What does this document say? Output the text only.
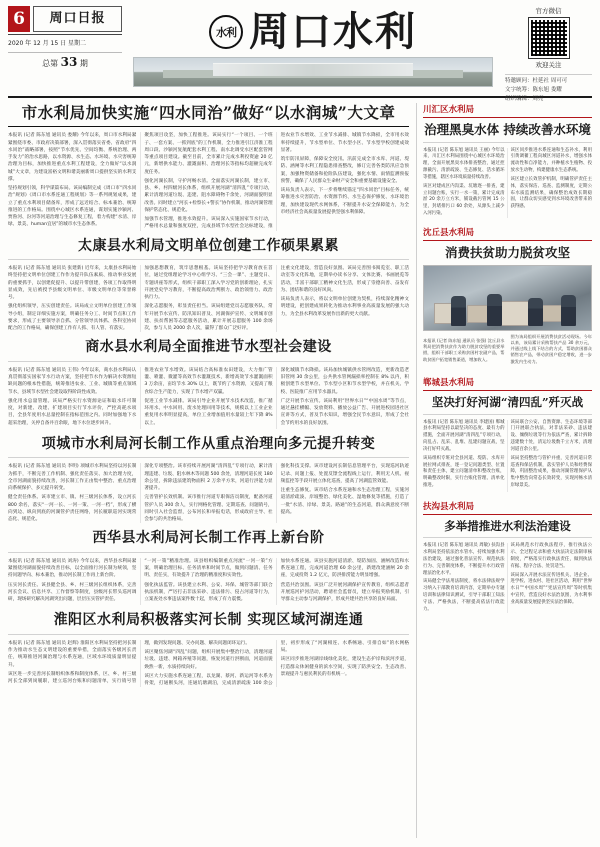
6	周口日报
2020 年 12 月 15 日 星期二
总第 33 期
水利 周口水利	官方微信
欢迎关注
特邀顾问：杜延社 周可可
文字统筹：陈东旭 娄耀
组织编辑：周亮
市水利局加快实施“四水同治”做好“以水润城”大文章

本报讯 (记者 陈东旭 通讯员 娄耀) 今年以来，周口市水利局紧紧围绕市委、市政府决策部署，深入贯彻落实省委、省政府“四水同治”战略部署，按照“节水优先、空间均衡、系统治理、两手发力”的治水思路，以水资源、水生态、水环境、水灾害统筹治理为目标，加快推进重点水利工程建设，全力做好“以水润城”大文章，为建设富裕文明和谐美丽新周口提供坚实的水利支撑。

坚持规划引领，科学谋篇布局。该局编制完成《周口市“四水同治”规划》《周口市水系连通工程规划》等一系列规划成果，建立了重点水利项目储备库，形成了远近结合、标本兼治、统筹推进的工作格局。围绕中心城区水系连通，谋划实施沙颍河、贾鲁河、汾河等河道治理与生态修复工程，着力构建“水清、岸绿、景美、human宜居”的城市水生态体系。

聚焦项目攻坚，加快工程推进。该局实行“一个项目、一个班子、一套方案、一抓到底”的工作机制，全力推进引江济淮工程周口段、沙颍河复航配套水利工程、南水北调受水区配套管网等重点项目建设。截至目前，全市累计完成水利投资逾 20 亿元，新增供水能力、灌溉面积、治理河长等指标均超额完成年度任务。

强化河湖长制，守护河畅水清。全面落实河湖长制，建立市、县、乡、村四级河长体系，组织开展河湖“清四乱”专项行动，累计清理河道垃圾、违建、阻水障碍物千余处，河湖面貌明显改善。同时建立“河长+检察长+警长”协作机制，推动河湖管理保护常态化、规范化。

加强节水管理，推进水效提升。该局深入实施国家节水行动，严格用水总量和强度双控，完成县域节水型社会达标建设，推进农业节水增效、工业节水减排、城镇节水降损，全市用水效率持续提升，节水型单位、节水型小区、节水型学校创建成效显著。

筑牢防汛屏障，保障安全度汛。汛前完成全市水库、河道、堤防、涵闸等水利工程隐患排查整改，修订完善各类防汛应急预案，加强物资储备和抢险队伍建设，强化水情、雨情监测预报预警，确保了人民群众生命财产安全和重要基础设施安全。

该局负责人表示，下一步将继续锚定“四水同治”目标任务，统筹推进水灾害防治、水资源节约、水生态保护修复、水环境治理，加快建设现代水网体系，不断提升水安全保障能力，为全市经济社会高质量发展提供坚强水利保障。

太康县水利局文明单位创建工作硕果累累

本报讯 (记者 陈东旭 通讯员 张建新) 近年来，太康县水利局始终坚持把文明单位创建工作作为提升队伍素质、推动事业发展的重要抓手，以创建促提升、以提升带创建，各项工作取得明显成效，先后被授予县级文明单位、市级文明单位等荣誉称号。

强化组织领导，压实创建责任。该局成立文明单位创建工作领导小组，制定详细实施方案，明确任务分工、时间节点和工作要求，形成了主要领导亲自抓、分管领导具体抓、各科室协同配合的工作格局，确保创建工作有人抓、有人管、有落实。

加强思想教育，筑牢思想根基。该局坚持把学习教育放在首位，通过党组理论学习中心组学习、“三会一课”、主题党日、专题讲座等形式，组织干部职工深入学习党的创新理论，扎实开展党史学习教育，不断提高政治判断力、政治领悟力、政治执行力。

深化志愿服务，彰显责任担当。该局组建党员志愿服务队，常年开展节水宣传、防汛知识普及、河湖保护宣传、文明城市创建、扶贫帮困等志愿服务活动，累计开展志愿服务 100 余场次，参与人员 2000 余人次，赢得了群众广泛好评。

注重文化建设，营造良好氛围。该局完善图书阅览室、职工活动室等文化阵地，定期举办读书分享、文体比赛、书画展览等活动，丰富干部职工精神文化生活，形成了崇德向善、奋发有为、团结和谐的良好风尚。

该局负责人表示，将以文明单位创建为契机，持续深化精神文明建设，把创建成果转化为推动水利事业高质量发展的强大动力，为全县水利改革发展作出新的更大贡献。

商水县水利局全面推进节水型社会建设

本报讯 (记者 陈东旭 通讯员 王伟) 今年以来，商水县水利局认真贯彻落实国家节水行动方案，坚持把节水作为解决水资源短缺问题的根本性措施，统筹推进农业、工业、城镇等重点领域节水，县域节水型社会建设取得阶段性成效。

强化用水总量管理。该局严格实行水资源论证和取水许可制度，对新建、改建、扩建项目实行节水评价，严控高耗水项目，全县年度用水总量控制在指标范围之内。同时加强地下水超采治理，关停自备井百余眼，地下水位逐步回升。

推进农业节水增效。该局结合高标准农田建设，大力推广管灌、喷灌、微灌等高效节水灌溉技术，新增高效节水灌溉面积 3 万余亩，亩均节水 30% 以上，既节约了水资源，又提高了粮食综合生产能力，实现了节水增产双赢。

促进工业节水减排。该局引导企业开展节水技术改造，推广循环用水、中水回用、废水处理回用等技术，规模以上工业企业重复用水率明显提高，单位工业增加值用水量较上年下降 8% 以上。

深化城镇节水降损。该局加快城镇供水管网改造，更新改造老旧管网 30 余公里，公共供水管网漏损率控制在 8% 以内，积极创建节水型单位、节水型小区和节水型学校，并在机关、学校、医院推广应用节水器具。

广泛开展节水宣传。该局利用“世界水日”“中国水周”等节点，通过悬挂横幅、发放资料、播放公益广告、开展进校园进社区宣讲等方式，普及节水知识，增强全民节水意识，形成了全社会节约用水的良好氛围。

项城市水利局河长制工作从重点治理向多元提升转变

本报讯 (记者 陈东旭 通讯员 李明) 项城市水利局坚持以河长制为抓手，不断完善工作机制、强化责任落实、加大治理力度，全市河湖面貌持续改善，河长制工作正由集中整治、重点治理向系统保护、多元提升转变。

健全责任体系。该市建立市、镇、村三级河长体系，设立河长 800 余名，落实“一河一长、一河一策、一河一档”，形成了横向到边、纵向到底的河湖管护责任网络，河长履职巡河实现常态化、规范化。

深化专项整治。该市持续开展河湖“清四乱”专项行动，累计清理违建、垃圾、阻水林木等问题 500 余处，清理河道长度 180 余公里，拆除违法建筑物面积 2 万余平方米，河道行洪能力显著提升。

完善管护长效机制。该市推行河道专职保洁员制度，配备河道管护人员 300 余人，实行网格化管理、定期巡查、问题销号，同时引入社会监督，公布河长和举报电话，形成政府主导、社会参与的共治格局。

强化科技支撑。该市建设河长制信息管理平台，实现巡河轨迹记录、问题上报、处置反馈全流程线上运行，利用无人机、视频监控等手段开展立体化巡查，提高了河湖监管效能。

注重生态修复。该市结合水系连通和水生态治理工程，实施河道清淤疏浚、岸坡整治、绿化美化、湿地修复等措施，打造了一批“水清、岸绿、景美、路通”的生态河道，群众满意度不断提高。

西华县水利局河长制工作再上新台阶

本报讯 (记者 陈东旭 通讯员 刘涛) 今年以来，西华县水利局紧紧围绕河湖面貌持续改善目标，以全面推行河长制为统领，坚持问题导向、标本兼治，推动河长制工作再上新台阶。

压实河长责任。该县健全县、乡、村三级河长组织体系，完善河长会议、信息共享、工作督察等制度，县级河长带头巡河调研，现场研究解决河湖突出问题，层层压实管护责任。

“一河一策”精准治理。该县组织编制重点河流“一河一策”方案，明确治理目标、任务清单和时间节点，做到问题清、任务明、责任实，有效提升了治理的精准度和实效性。

强化执法监管。该县建立水利、公安、环保、城管等部门联合执法机制，严厉打击非法采砂、违法排污、侵占河道等行为，立案查处水事违法案件数十起，形成了有力震慑。

加快水系连通。该县实施河道清淤、堤防加固、涵闸改造和水系连通工程，完成河道治理 60 余公里，新建改建涵闸 20 余座，完成投资 1.2 亿元，防洪排涝能力明显增强。

营造共治氛围。该县广泛开展河湖保护宣传教育，组织志愿者开展巡河护河活动，聘请社会监督员，建立举报奖励机制，引导群众主动参与河湖保护，形成共建共治共享的良好局面。

淮阳区水利局积极落实河长制 实现区域河湖连通

本报讯 (记者 陈东旭 通讯员 赵辉) 淮阳区水利局坚持把河长制作为推动水生态文明建设的重要举措，全面落实各级河长责任，统筹推进河湖治理与水系连通，区域水环境质量明显提升。

该区进一步完善河长制组织体系和制度体系，区、乡、村三级河长全部到岗履职，建立巡河台账和问题清单，实行销号管理，做到发现问题、交办问题、解决问题闭环运行。

该区聚焦河湖“四乱”问题，组织开展集中整治行动，清理河道垃圾、违建、网箱养殖等问题，恢复河道行洪断面，河道面貌焕然一新，水质持续向好。

该区大力实施水系连通工程，以龙湖、蔡河、新运河等水系为骨架，打通断头河，连通坑塘湖泊，完成清淤疏浚 100 余公里，初步形成了“河湖相连、水系畅通、引排自如”的水网格局。

该区同步推进河湖岸线绿化美化，建设生态护岸和滨河步道，打造群众休闲健身的滨水空间，实现了防洪安全、生态改善、景观提升与惠民利民的有机统一。

川汇区水利局
治理黑臭水体 持续改善水环境

本报讯 (记者 陈东旭 通讯员 王丽) 今年以来，川汇区水利局围绕中心城区水环境治理，全面开展黑臭水体排查整治，通过控源截污、清淤疏浚、生态修复、活水循环等措施，辖区水环境质量持续改善。

该区对建成区内沟渠、坑塘逐一排查，建立问题台账，实行一水一策，累计完成清淤 20 余万立方米，铺设截污管网 15 公里，封堵排污口 60 余处，从源头上减少入河污染。

该区同步推进水系连通和生态补水，利用引黄调蓄工程向城区河道补水，增强水体流动性和自净能力，并种植水生植物、投放水生动物，构建健康水生态系统。

该区建立长效管护机制，明确管护责任主体，落实保洁、巡查、监测制度，定期公布水质监测结果，确保整治成效长期稳固，让群众切实感受到水环境改善带来的获得感。

沈丘县水利局
消费扶贫助力脱贫攻坚

本报讯 (记者 陈东旭 通讯员 张强) 沈丘县水利局把消费扶贫作为助力脱贫攻坚的重要举措，组织干部职工采购贫困村农副产品，帮助贫困户拓宽销售渠道，增加收入。

图为该局组织开展消费扶贫活动现场。今年以来，该局累计采购帮扶产品 30 余万元，并通过线上线下结合的方式，帮助贫困群众销售农产品，带动贫困户稳定增收，进一步激发内生动力。

郸城县水利局
坚决打好河湖“清四乱”歼灭战

本报讯 (记者 陈东旭 通讯员 李建国) 郸城县水利局坚持以最坚决的态度、最有力的措施，全面开展河湖“清四乱”专项行动，向乱占、乱采、乱堆、乱建问题宣战，坚决打好歼灭战。

该局组织专班对全县河道、堤防、水库开展拉网式排查，逐一登记问题类型、位置和责任主体，建立问题清单和整改台账，明确整改时限，实行台账化管理、清单化推进。

该局联合公安、自然资源、生态环境等部门开展联合执法，对非法采砂、违法建设、倾倒垃圾等行为依法严查，累计拆除违建数十处，清运垃圾数千立方米，清理河道百余公里。

该局坚持整治与管护并重，完善河道日常巡查和保洁机制，落实管护人员和经费保障，巩固整治成果，推动河湖管理保护从集中整治向常态长效转变，实现河畅水清岸绿景美。

扶沟县水利局
多举措推进水利法治建设

本报讯 (记者 陈东旭 通讯员 周敏) 扶沟县水利局坚持依法治水管水，持续加强水利法治建设，通过强化普法宣传、规范执法行为、完善制度体系，不断提升水行政管理法治化水平。

该局健全学法用法制度，将水法律法规学习纳入干部教育培训内容，定期举办专题培训和法律知识测试，引导干部职工知法守法、严格执法，不断提高依法行政能力。

该局规范水行政执法程序，推行执法公示、全过程记录和重大执法决定法制审核制度，严格落实行政执法责任，做到执法有据、程序合法、处罚适当。

该局深入开展水法宣传进机关、进企业、进学校、进农村、进社区活动，利用“世界水日”“中国水周”“宪法宣传周”等时机集中宣传，营造良好水法治氛围，为水利事业高质量发展提供坚实法治保障。
